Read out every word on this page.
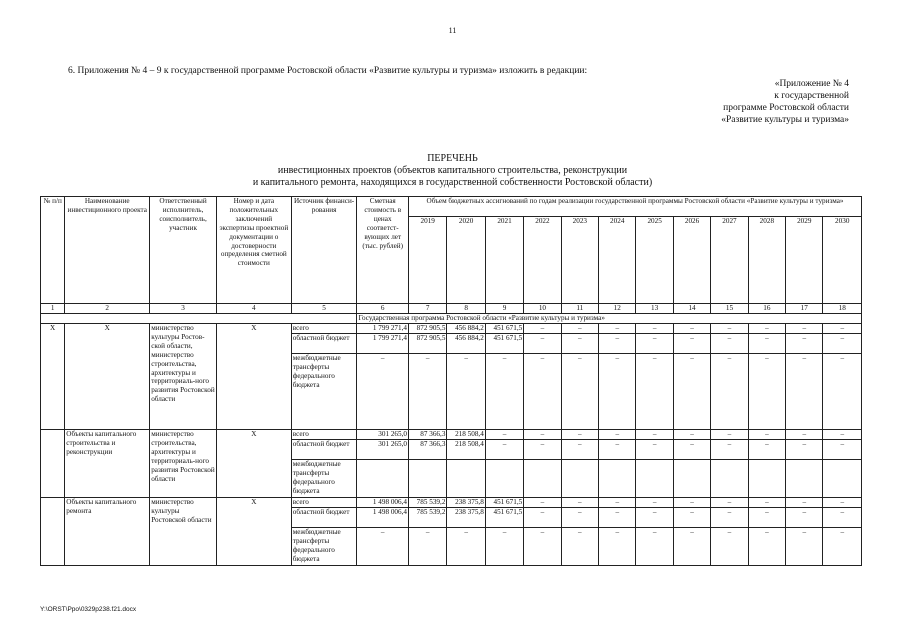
11
6. Приложения № 4 – 9 к государственной программе Ростовской области «Развитие культуры и туризма» изложить в редакции:
«Приложение № 4
к государственной
программе Ростовской области
«Развитие культуры и туризма»
ПЕРЕЧЕНЬ
инвестиционных проектов (объектов капитального строительства, реконструкции
и капитального ремонта, находящихся в государственной собственности Ростовской области)
№ п/п	Наименование инвестиционного проекта	Ответственный исполнитель, соисполнитель, участник	Номер и дата положительных заключений экспертизы проектной документации о достоверности определения сметной стоимости	Источник финанси-рования	Сметная стоимость в ценах соответст-вующих лет (тыс. рублей)	Объем бюджетных ассигнований по годам реализации государственной программы Ростовской области «Развитие культуры и туризма»											
						2019	2020	2021	2022	2023	2024	2025	2026	2027	2028	2029	2030
1	2	3	4	5	6	7	8	9	10	11	12	13	14	15	16	17	18
					Государственная программа Ростовской области «Развитие культуры и туризма»												
Х	Х	министерство культуры Ростов-ской области, министерство строительства, архитектуры и территориаль-ного развития Ростовской области	Х	всего	1 799 271,4	872 905,5	456 884,2	451 671,5	–	–	–	–	–	–	–	–	–
				областной бюджет	1 799 271,4	872 905,5	456 884,2	451 671,5	–	–	–	–	–	–	–	–	–
				межбюджетные трансферты федерального бюджета	–	–	–	–	–	–	–	–	–	–	–	–	–
	Объекты капитального строительства и реконструкции	министерство строительства, архитектуры и территориаль-ного развития Ростовской области	Х	всего	301 265,0	87 366,3	218 508,4	–	–	–	–	–	–	–	–	–	–
				областной бюджет	301 265,0	87 366,3	218 508,4	–	–	–	–	–	–	–	–	–	–
				межбюджетные трансферты федерального бюджета													
	Объекты капитального ремонта	министерство культуры Ростовской области	Х	всего	1 498 006,4	785 539,2	238 375,8	451 671,5	–	–	–	–	–	–	–	–	–
				областной бюджет	1 498 006,4	785 539,2	238 375,8	451 671,5	–	–	–	–	–	–	–	–	–
				межбюджетные трансферты федерального бюджета	–	–	–	–	–	–	–	–	–	–	–	–	–
Y:\ORST\Ppo\0329p238.f21.docx
